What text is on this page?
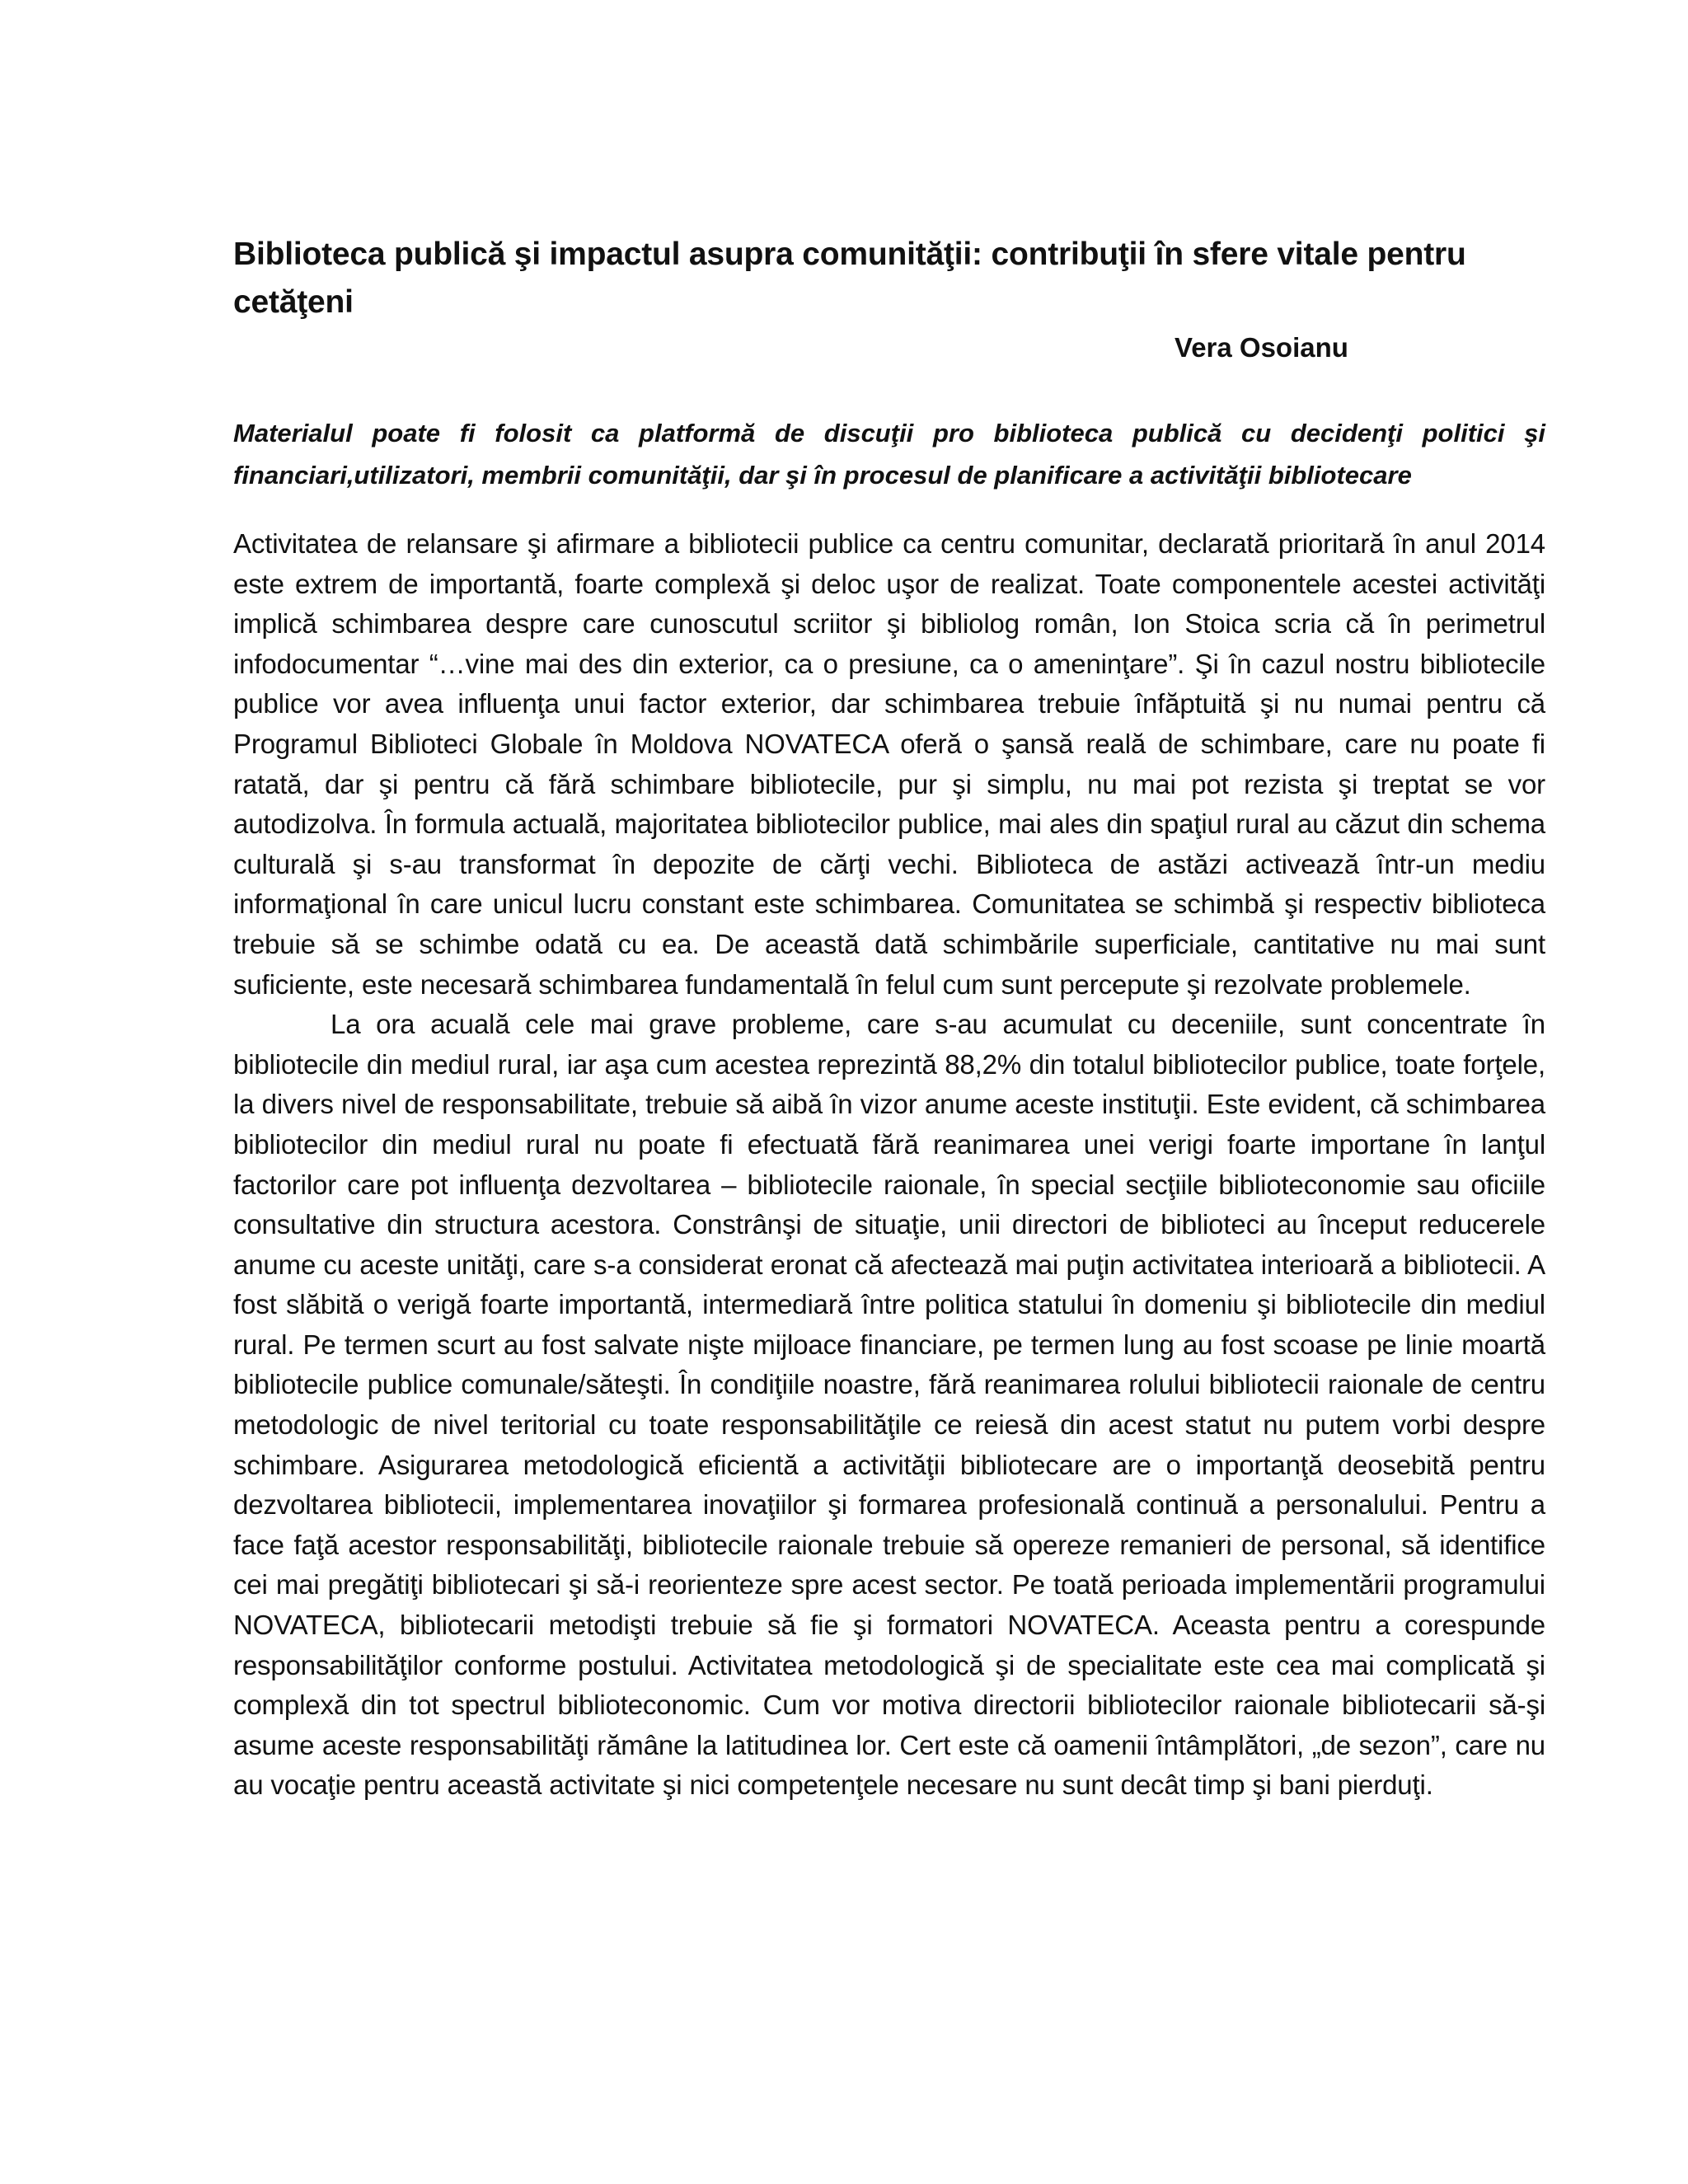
Biblioteca publică şi impactul asupra comunităţii: contribuţii în sfere vitale pentru cetăţeni
Vera Osoianu

Materialul poate fi folosit ca platformă de discuţii pro biblioteca publică cu decidenţi politici şi financiari,utilizatori, membrii comunităţii, dar şi în procesul de planificare a activităţii bibliotecare

Activitatea de relansare şi afirmare a bibliotecii publice ca centru comunitar, declarată prioritară în anul 2014 este extrem de importantă, foarte complexă şi deloc uşor de realizat. Toate componentele acestei activităţi implică schimbarea despre care cunoscutul scriitor şi bibliolog român, Ion Stoica scria că în perimetrul infodocumentar “…vine mai des din exterior, ca o presiune, ca o ameninţare”. Şi în cazul nostru bibliotecile publice vor avea influenţa unui factor exterior, dar schimbarea trebuie înfăptuită şi nu numai pentru că Programul Biblioteci Globale în Moldova NOVATECA oferă o şansă reală de schimbare, care nu poate fi ratată, dar şi pentru că fără schimbare bibliotecile, pur şi simplu, nu mai pot rezista şi treptat se vor autodizolva. În formula actuală, majoritatea bibliotecilor publice, mai ales din spaţiul rural au căzut din schema culturală şi s-au transformat în depozite de cărţi vechi. Biblioteca de astăzi activează într-un mediu informaţional în care unicul lucru constant este schimbarea. Comunitatea se schimbă şi respectiv biblioteca trebuie să se schimbe odată cu ea. De această dată schimbările superficiale, cantitative nu mai sunt suficiente, este necesară schimbarea fundamentală în felul cum sunt percepute şi rezolvate problemele.

La ora acuală cele mai grave probleme, care s-au acumulat cu deceniile, sunt concentrate în bibliotecile din mediul rural, iar aşa cum acestea reprezintă 88,2% din totalul bibliotecilor publice, toate forţele, la divers nivel de responsabilitate, trebuie să aibă în vizor anume aceste instituţii. Este evident, că schimbarea bibliotecilor din mediul rural nu poate fi efectuată fără reanimarea unei verigi foarte importane în lanţul factorilor care pot influenţa dezvoltarea – bibliotecile raionale, în special secţiile biblioteconomie sau oficiile consultative din structura acestora. Constrânşi de situaţie, unii directori de biblioteci au început reducerele anume cu aceste unităţi, care s-a considerat eronat că afectează mai puţin activitatea interioară a bibliotecii. A fost slăbită o verigă foarte importantă, intermediară între politica statului în domeniu şi bibliotecile din mediul rural. Pe termen scurt au fost salvate nişte mijloace financiare, pe termen lung au fost scoase pe linie moartă bibliotecile publice comunale/săteşti. În condiţiile noastre, fără reanimarea rolului bibliotecii raionale de centru metodologic de nivel teritorial cu toate responsabilităţile ce reiesă din acest statut nu putem vorbi despre schimbare. Asigurarea metodologică eficientă a activităţii bibliotecare are o importanţă deosebită pentru dezvoltarea bibliotecii, implementarea inovaţiilor şi formarea profesională continuă a personalului. Pentru a face faţă acestor responsabilităţi, bibliotecile raionale trebuie să opereze remanieri de personal, să identifice cei mai pregătiţi bibliotecari şi să-i reorienteze spre acest sector. Pe toată perioada implementării programului NOVATECA, bibliotecarii metodişti trebuie să fie şi formatori NOVATECA. Aceasta pentru a corespunde responsabilităţilor conforme postului. Activitatea metodologică şi de specialitate este cea mai complicată şi complexă din tot spectrul biblioteconomic. Cum vor motiva directorii bibliotecilor raionale bibliotecarii să-şi asume aceste responsabilităţi rămâne la latitudinea lor. Cert este că oamenii întâmplători, „de sezon”, care nu au vocaţie pentru această activitate şi nici competenţele necesare nu sunt decât timp şi bani pierduţi.
